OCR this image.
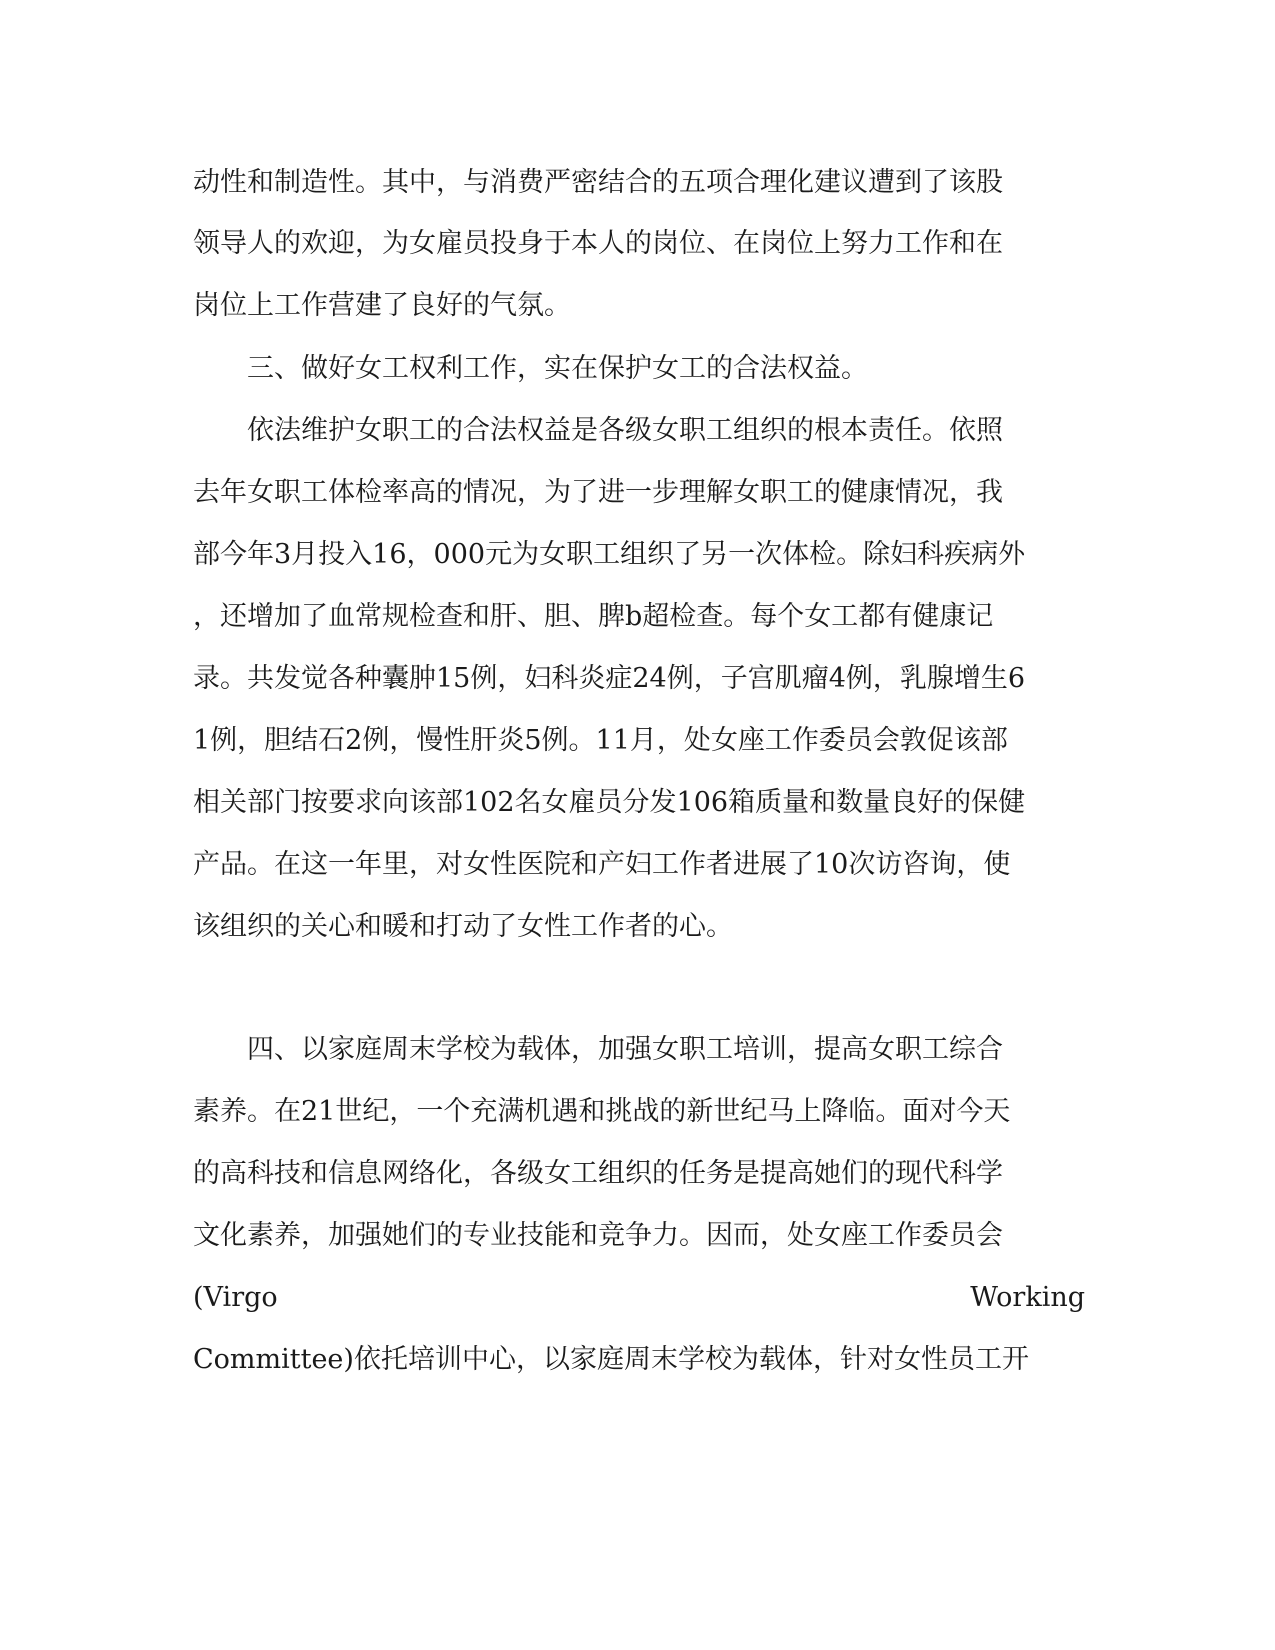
动性和制造性。其中，与消费严密结合的五项合理化建议遭到了该股
领导人的欢迎，为女雇员投身于本人的岗位、在岗位上努力工作和在
岗位上工作营建了良好的气氛。
　　三、做好女工权利工作，实在保护女工的合法权益。
　　依法维护女职工的合法权益是各级女职工组织的根本责任。依照
去年女职工体检率高的情况，为了进一步理解女职工的健康情况，我
部今年3月投入16，000元为女职工组织了另一次体检。除妇科疾病外
，还增加了血常规检查和肝、胆、脾b超检查。每个女工都有健康记
录。共发觉各种囊肿15例，妇科炎症24例，子宫肌瘤4例，乳腺增生6
1例，胆结石2例，慢性肝炎5例。11月，处女座工作委员会敦促该部
相关部门按要求向该部102名女雇员分发106箱质量和数量良好的保健
产品。在这一年里，对女性医院和产妇工作者进展了10次访咨询，使
该组织的关心和暖和打动了女性工作者的心。
　　四、以家庭周末学校为载体，加强女职工培训，提高女职工综合
素养。在21世纪，一个充满机遇和挑战的新世纪马上降临。面对今天
的高科技和信息网络化，各级女工组织的任务是提高她们的现代科学
文化素养，加强她们的专业技能和竞争力。因而，处女座工作委员会
(Virgo	Working
Committee)依托培训中心，以家庭周末学校为载体，针对女性员工开
